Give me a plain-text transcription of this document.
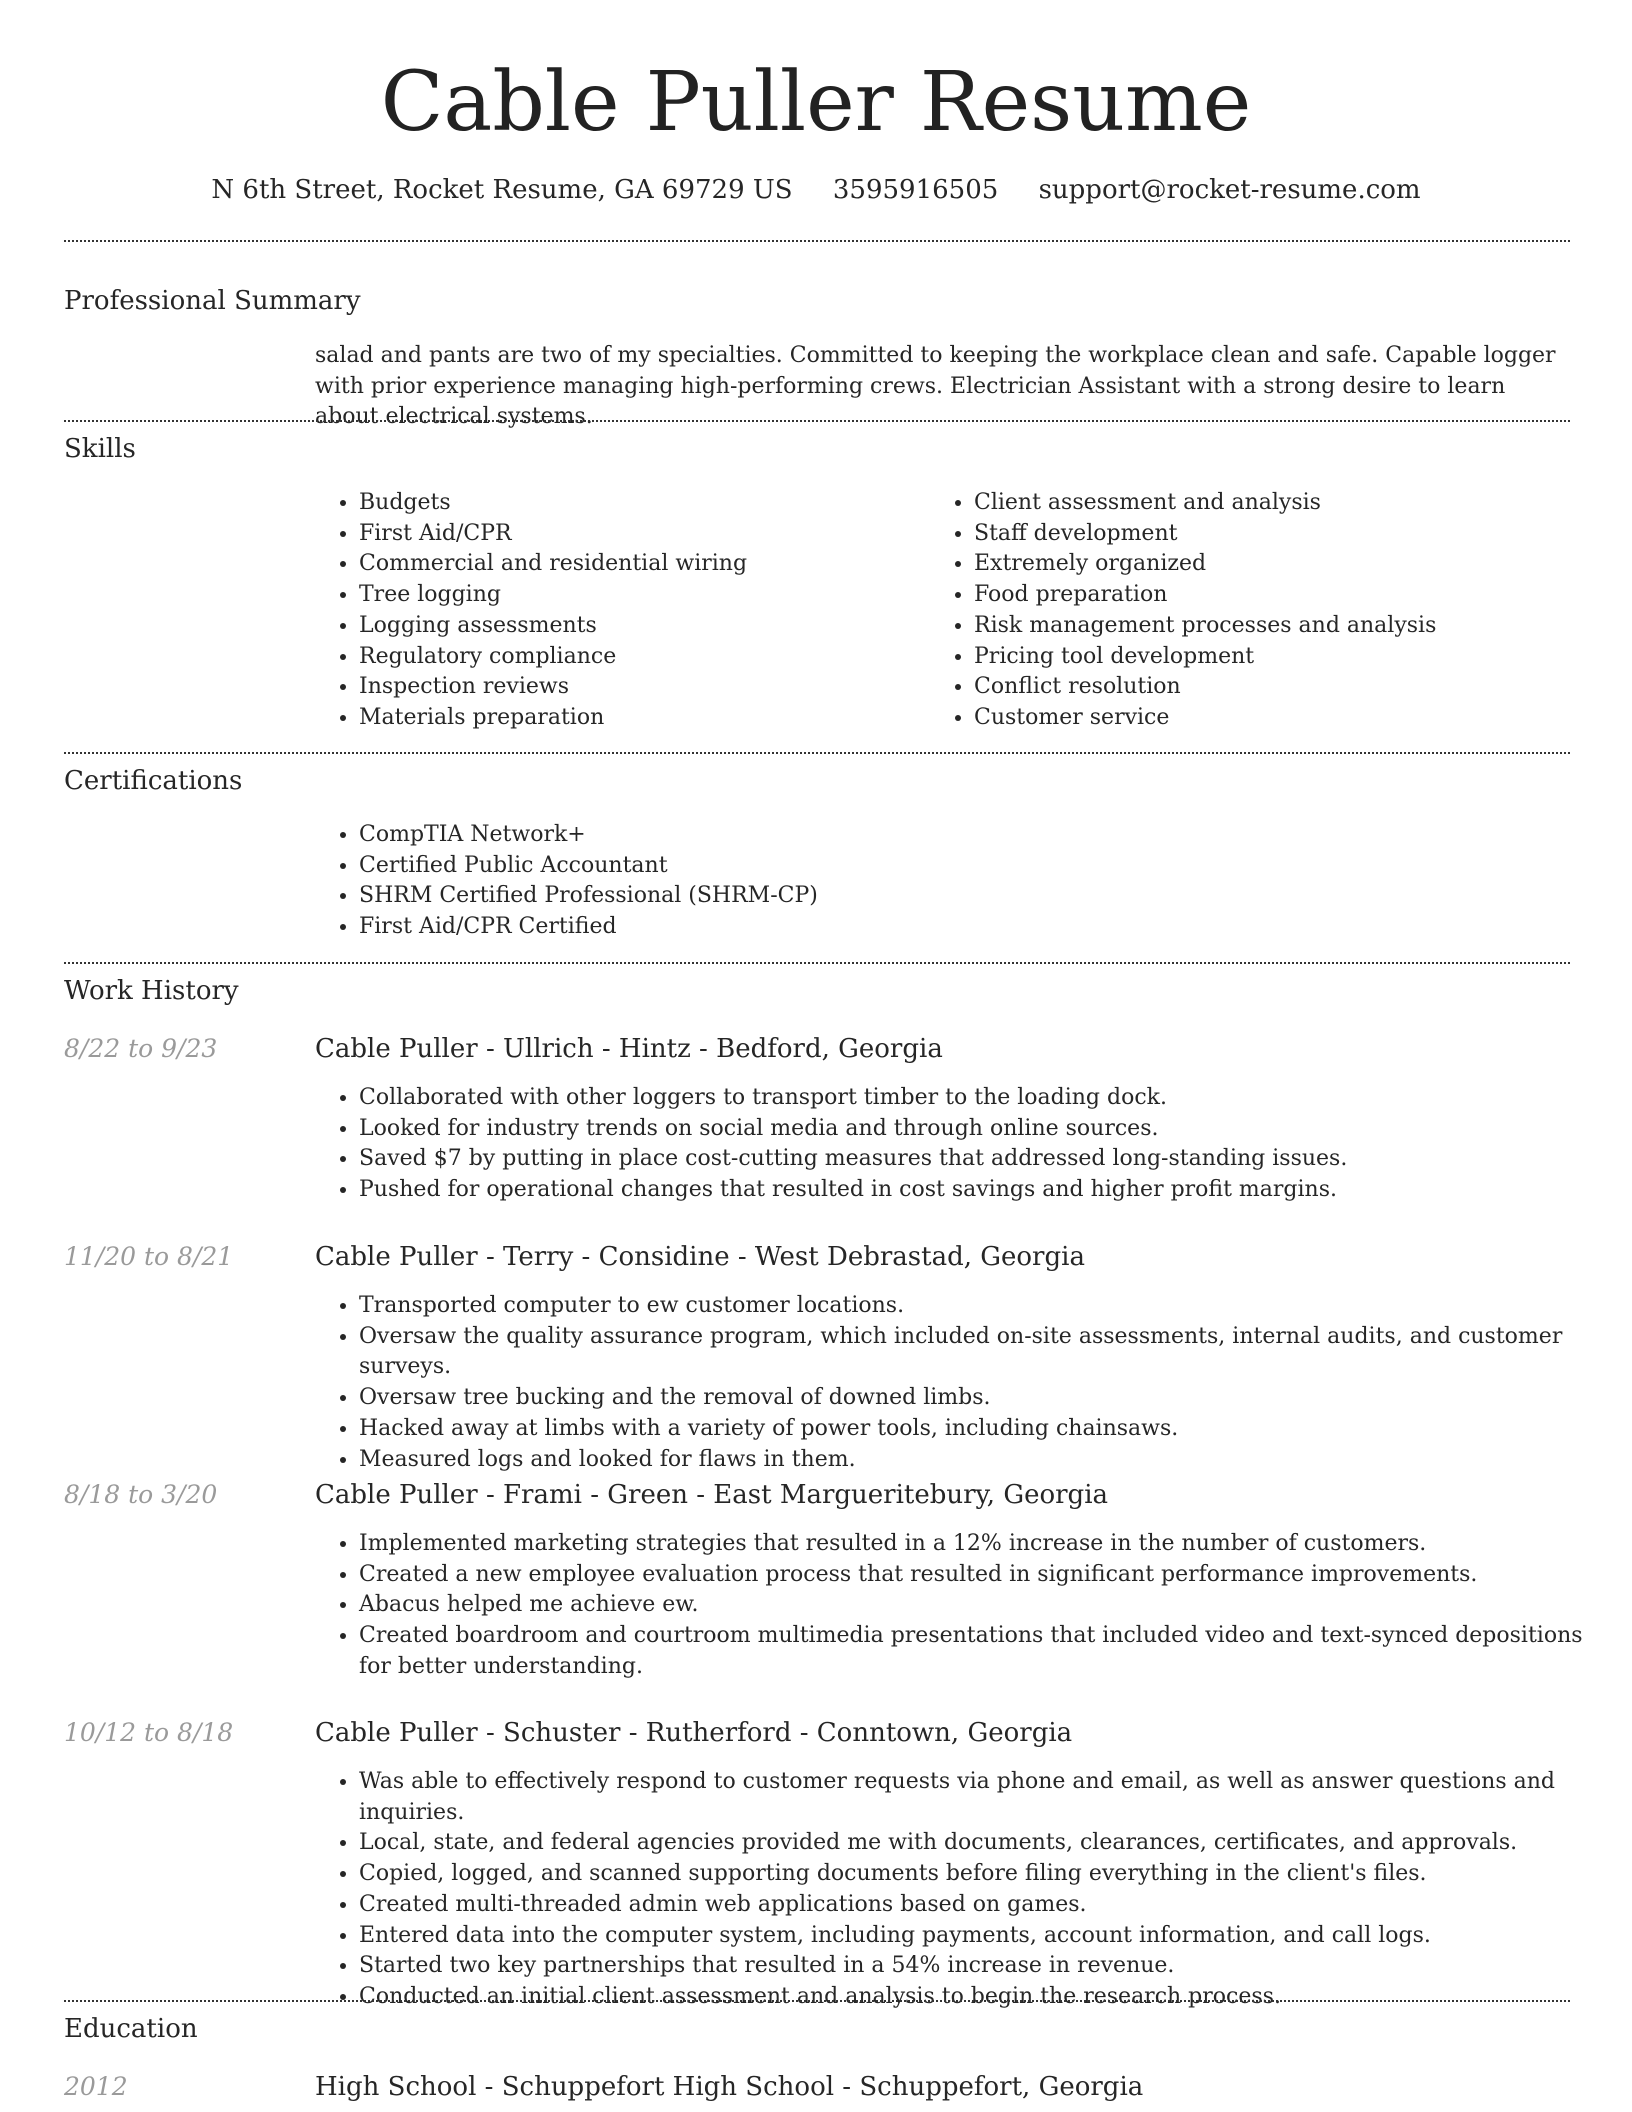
Cable Puller Resume
N 6th Street, Rocket Resume, GA 69729 US 3595916505 support@rocket-resume.com
Professional Summary
salad and pants are two of my specialties. Committed to keeping the workplace clean and safe. Capable logger with prior experience managing high-performing crews. Electrician Assistant with a strong desire to learn about electrical systems.
Skills
• Budgets
• First Aid/CPR
• Commercial and residential wiring
• Tree logging
• Logging assessments
• Regulatory compliance
• Inspection reviews
• Materials preparation
• Client assessment and analysis
• Staff development
• Extremely organized
• Food preparation
• Risk management processes and analysis
• Pricing tool development
• Conflict resolution
• Customer service
Certifications
• CompTIA Network+
• Certified Public Accountant
• SHRM Certified Professional (SHRM-CP)
• First Aid/CPR Certified
Work History
8/22 to 9/23	Cable Puller - Ullrich - Hintz - Bedford, Georgia
• Collaborated with other loggers to transport timber to the loading dock.
• Looked for industry trends on social media and through online sources.
• Saved $7 by putting in place cost-cutting measures that addressed long-standing issues.
• Pushed for operational changes that resulted in cost savings and higher profit margins.
11/20 to 8/21	Cable Puller - Terry - Considine - West Debrastad, Georgia
• Transported computer to ew customer locations.
• Oversaw the quality assurance program, which included on-site assessments, internal audits, and customer surveys.
• Oversaw tree bucking and the removal of downed limbs.
• Hacked away at limbs with a variety of power tools, including chainsaws.
• Measured logs and looked for flaws in them.
8/18 to 3/20	Cable Puller - Frami - Green - East Margueritebury, Georgia
• Implemented marketing strategies that resulted in a 12% increase in the number of customers.
• Created a new employee evaluation process that resulted in significant performance improvements.
• Abacus helped me achieve ew.
• Created boardroom and courtroom multimedia presentations that included video and text-synced depositions for better understanding.
10/12 to 8/18	Cable Puller - Schuster - Rutherford - Conntown, Georgia
• Was able to effectively respond to customer requests via phone and email, as well as answer questions and inquiries.
• Local, state, and federal agencies provided me with documents, clearances, certificates, and approvals.
• Copied, logged, and scanned supporting documents before filing everything in the client's files.
• Created multi-threaded admin web applications based on games.
• Entered data into the computer system, including payments, account information, and call logs.
• Started two key partnerships that resulted in a 54% increase in revenue.
• Conducted an initial client assessment and analysis to begin the research process.
Education
2012	High School - Schuppefort High School - Schuppefort, Georgia
